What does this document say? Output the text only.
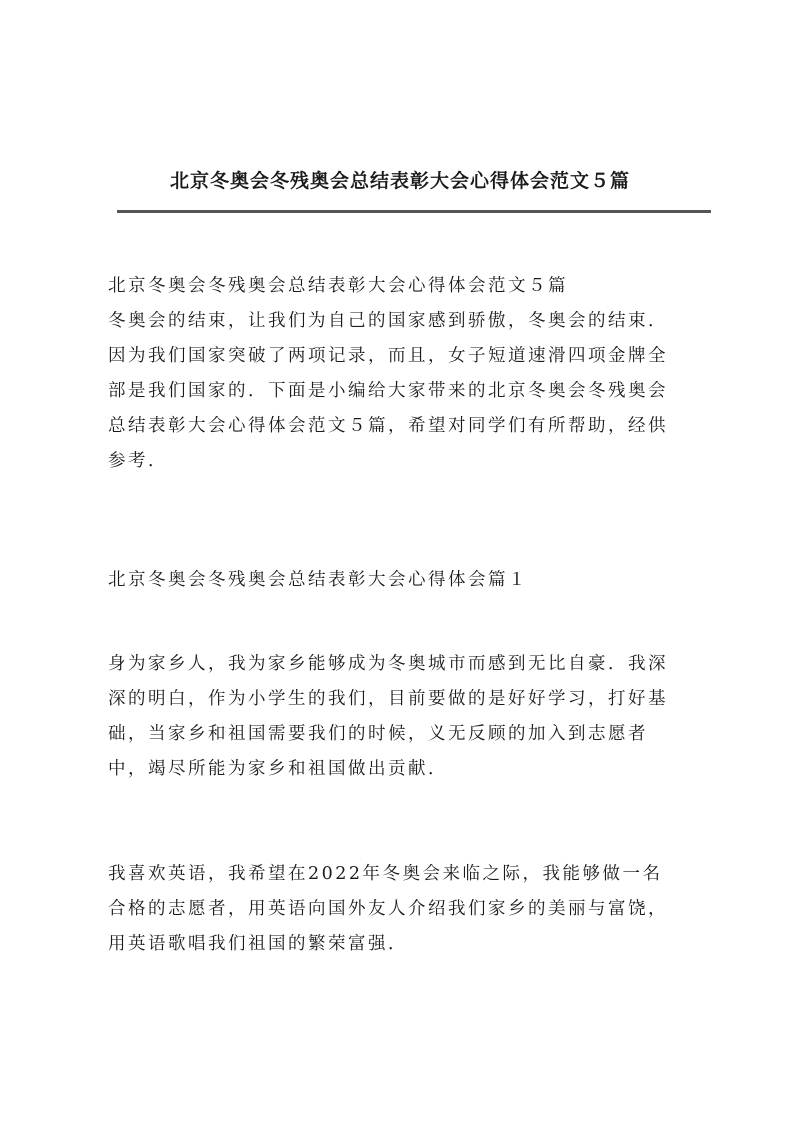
北京冬奥会冬残奥会总结表彰大会心得体会范文５篇
北京冬奥会冬残奥会总结表彰大会心得体会范文５篇
冬奥会的结束，让我们为自己的国家感到骄傲，冬奥会的结束．
因为我们国家突破了两项记录，而且，女子短道速滑四项金牌全
部是我们国家的．下面是小编给大家带来的北京冬奥会冬残奥会
总结表彰大会心得体会范文５篇，希望对同学们有所帮助，经供
参考．
北京冬奥会冬残奥会总结表彰大会心得体会篇１
身为家乡人，我为家乡能够成为冬奥城市而感到无比自豪．我深
深的明白，作为小学生的我们，目前要做的是好好学习，打好基
础，当家乡和祖国需要我们的时候，义无反顾的加入到志愿者
中，竭尽所能为家乡和祖国做出贡献．
我喜欢英语，我希望在2022年冬奥会来临之际，我能够做一名
合格的志愿者，用英语向国外友人介绍我们家乡的美丽与富饶，
用英语歌唱我们祖国的繁荣富强．
